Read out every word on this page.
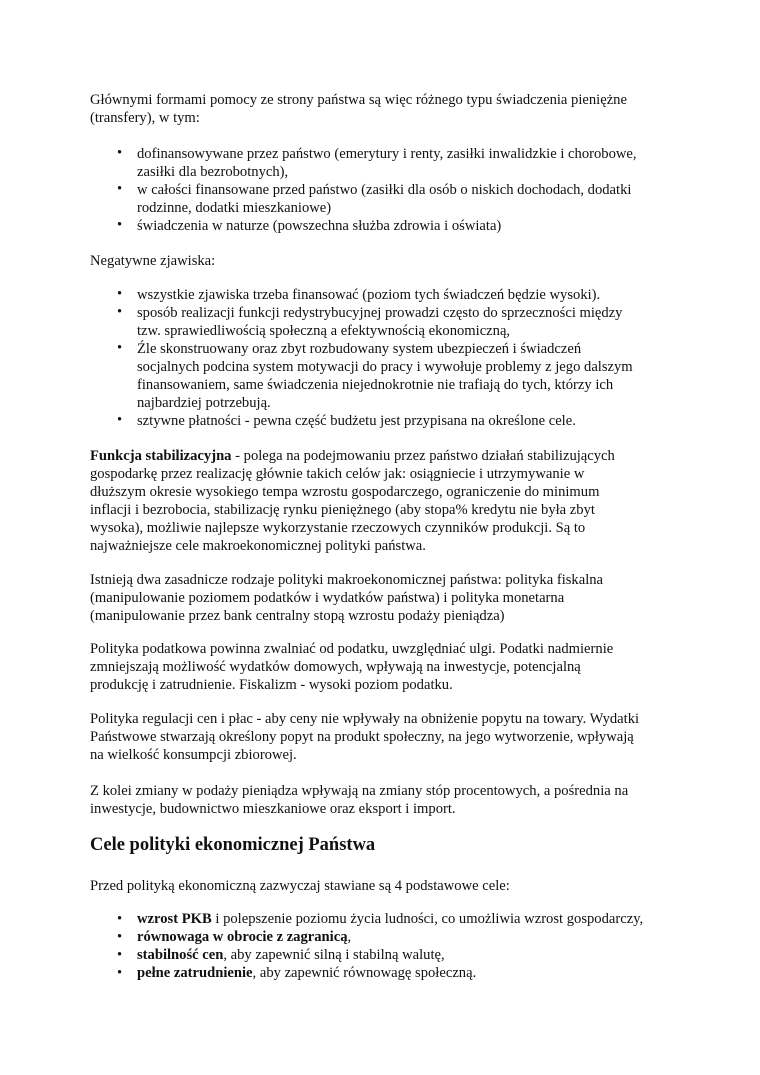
Głównymi formami pomocy ze strony państwa są więc różnego typu świadczenia pieniężne
(transfery), w tym:
• dofinansowywane przez państwo (emerytury i renty, zasiłki inwalidzkie i chorobowe,
zasiłki dla bezrobotnych),
• w całości finansowane przed państwo (zasiłki dla osób o niskich dochodach, dodatki
rodzinne, dodatki mieszkaniowe)
• świadczenia w naturze (powszechna służba zdrowia i oświata)
Negatywne zjawiska:
• wszystkie zjawiska trzeba finansować (poziom tych świadczeń będzie wysoki).
• sposób realizacji funkcji redystrybucyjnej prowadzi często do sprzeczności między
tzw. sprawiedliwością społeczną a efektywnością ekonomiczną,
• Źle skonstruowany oraz zbyt rozbudowany system ubezpieczeń i świadczeń
socjalnych podcina system motywacji do pracy i wywołuje problemy z jego dalszym
finansowaniem, same świadczenia niejednokrotnie nie trafiają do tych, którzy ich
najbardziej potrzebują.
• sztywne płatności - pewna część budżetu jest przypisana na określone cele.
Funkcja stabilizacyjna - polega na podejmowaniu przez państwo działań stabilizujących
gospodarkę przez realizację głównie takich celów jak: osiągniecie i utrzymywanie w
dłuższym okresie wysokiego tempa wzrostu gospodarczego, ograniczenie do minimum
inflacji i bezrobocia, stabilizację rynku pieniężnego (aby stopa% kredytu nie była zbyt
wysoka), możliwie najlepsze wykorzystanie rzeczowych czynników produkcji. Są to
najważniejsze cele makroekonomicznej polityki państwa.
Istnieją dwa zasadnicze rodzaje polityki makroekonomicznej państwa: polityka fiskalna
(manipulowanie poziomem podatków i wydatków państwa) i polityka monetarna
(manipulowanie przez bank centralny stopą wzrostu podaży pieniądza)
Polityka podatkowa powinna zwalniać od podatku, uwzględniać ulgi. Podatki nadmiernie
zmniejszają możliwość wydatków domowych, wpływają na inwestycje, potencjalną
produkcję i zatrudnienie. Fiskalizm - wysoki poziom podatku.
Polityka regulacji cen i płac - aby ceny nie wpływały na obniżenie popytu na towary. Wydatki
Państwowe stwarzają określony popyt na produkt społeczny, na jego wytworzenie, wpływają
na wielkość konsumpcji zbiorowej.
Z kolei zmiany w podaży pieniądza wpływają na zmiany stóp procentowych, a pośrednia na
inwestycje, budownictwo mieszkaniowe oraz eksport i import.
Cele polityki ekonomicznej Państwa
Przed polityką ekonomiczną zazwyczaj stawiane są 4 podstawowe cele:
• wzrost PKB i polepszenie poziomu życia ludności, co umożliwia wzrost gospodarczy,
• równowaga w obrocie z zagranicą,
• stabilność cen, aby zapewnić silną i stabilną walutę,
• pełne zatrudnienie, aby zapewnić równowagę społeczną.
